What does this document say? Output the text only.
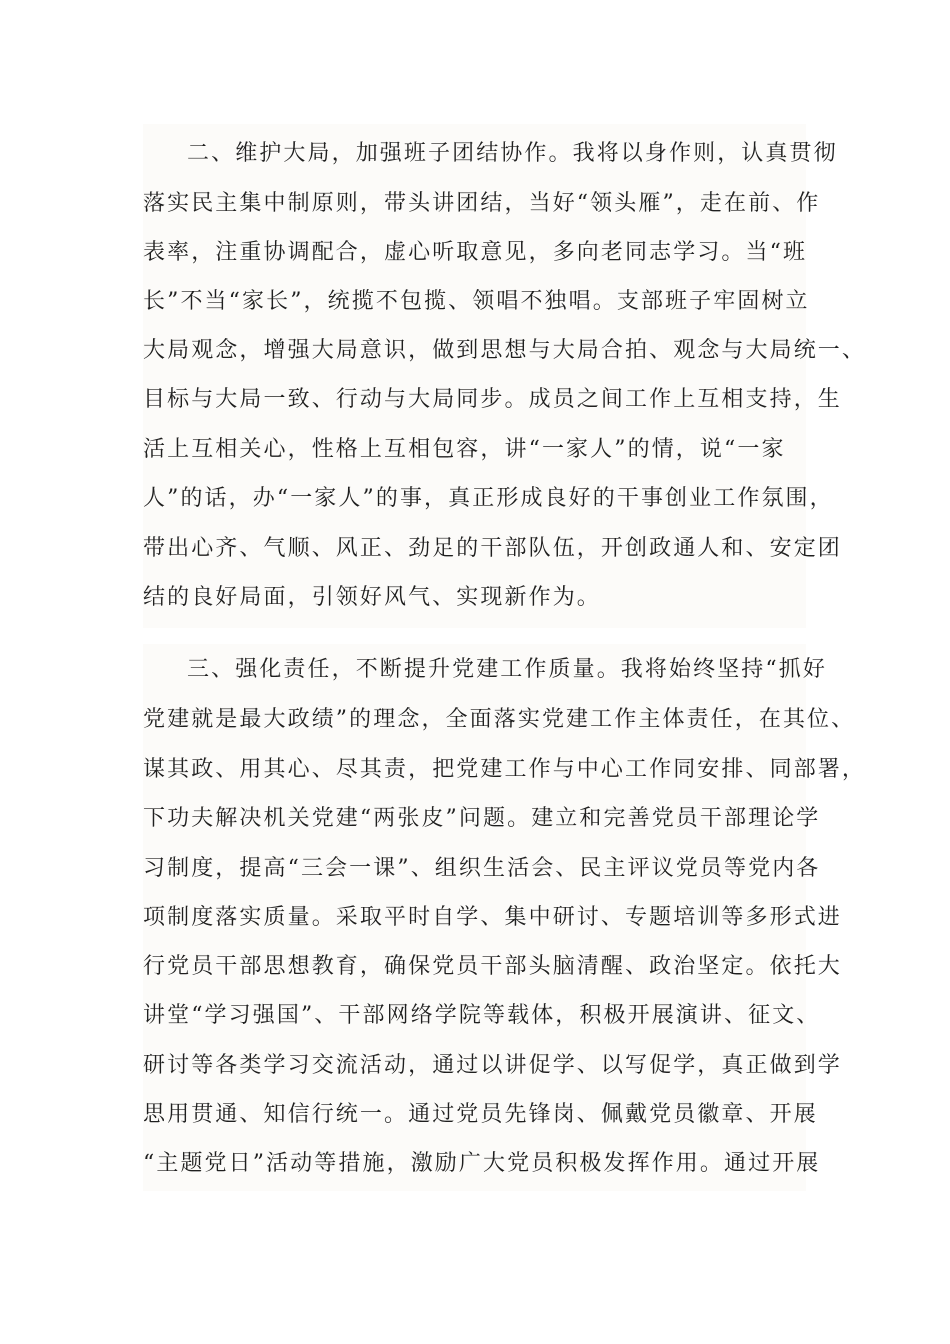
二、维护大局，加强班子团结协作。我将以身作则，认真贯彻
落实民主集中制原则，带头讲团结，当好“领头雁”，走在前、作
表率，注重协调配合，虚心听取意见，多向老同志学习。当“班
长”不当“家长”，统揽不包揽、领唱不独唱。支部班子牢固树立
大局观念，增强大局意识，做到思想与大局合拍、观念与大局统一、
目标与大局一致、行动与大局同步。成员之间工作上互相支持，生
活上互相关心，性格上互相包容，讲“一家人”的情，说“一家
人”的话，办“一家人”的事，真正形成良好的干事创业工作氛围，
带出心齐、气顺、风正、劲足的干部队伍，开创政通人和、安定团
结的良好局面，引领好风气、实现新作为。
三、强化责任，不断提升党建工作质量。我将始终坚持“抓好
党建就是最大政绩”的理念，全面落实党建工作主体责任，在其位、
谋其政、用其心、尽其责，把党建工作与中心工作同安排、同部署，
下功夫解决机关党建“两张皮”问题。建立和完善党员干部理论学
习制度，提高“三会一课”、组织生活会、民主评议党员等党内各
项制度落实质量。采取平时自学、集中研讨、专题培训等多形式进
行党员干部思想教育，确保党员干部头脑清醒、政治坚定。依托大
讲堂“学习强国”、干部网络学院等载体，积极开展演讲、征文、
研讨等各类学习交流活动，通过以讲促学、以写促学，真正做到学
思用贯通、知信行统一。通过党员先锋岗、佩戴党员徽章、开展
“主题党日”活动等措施，激励广大党员积极发挥作用。通过开展
